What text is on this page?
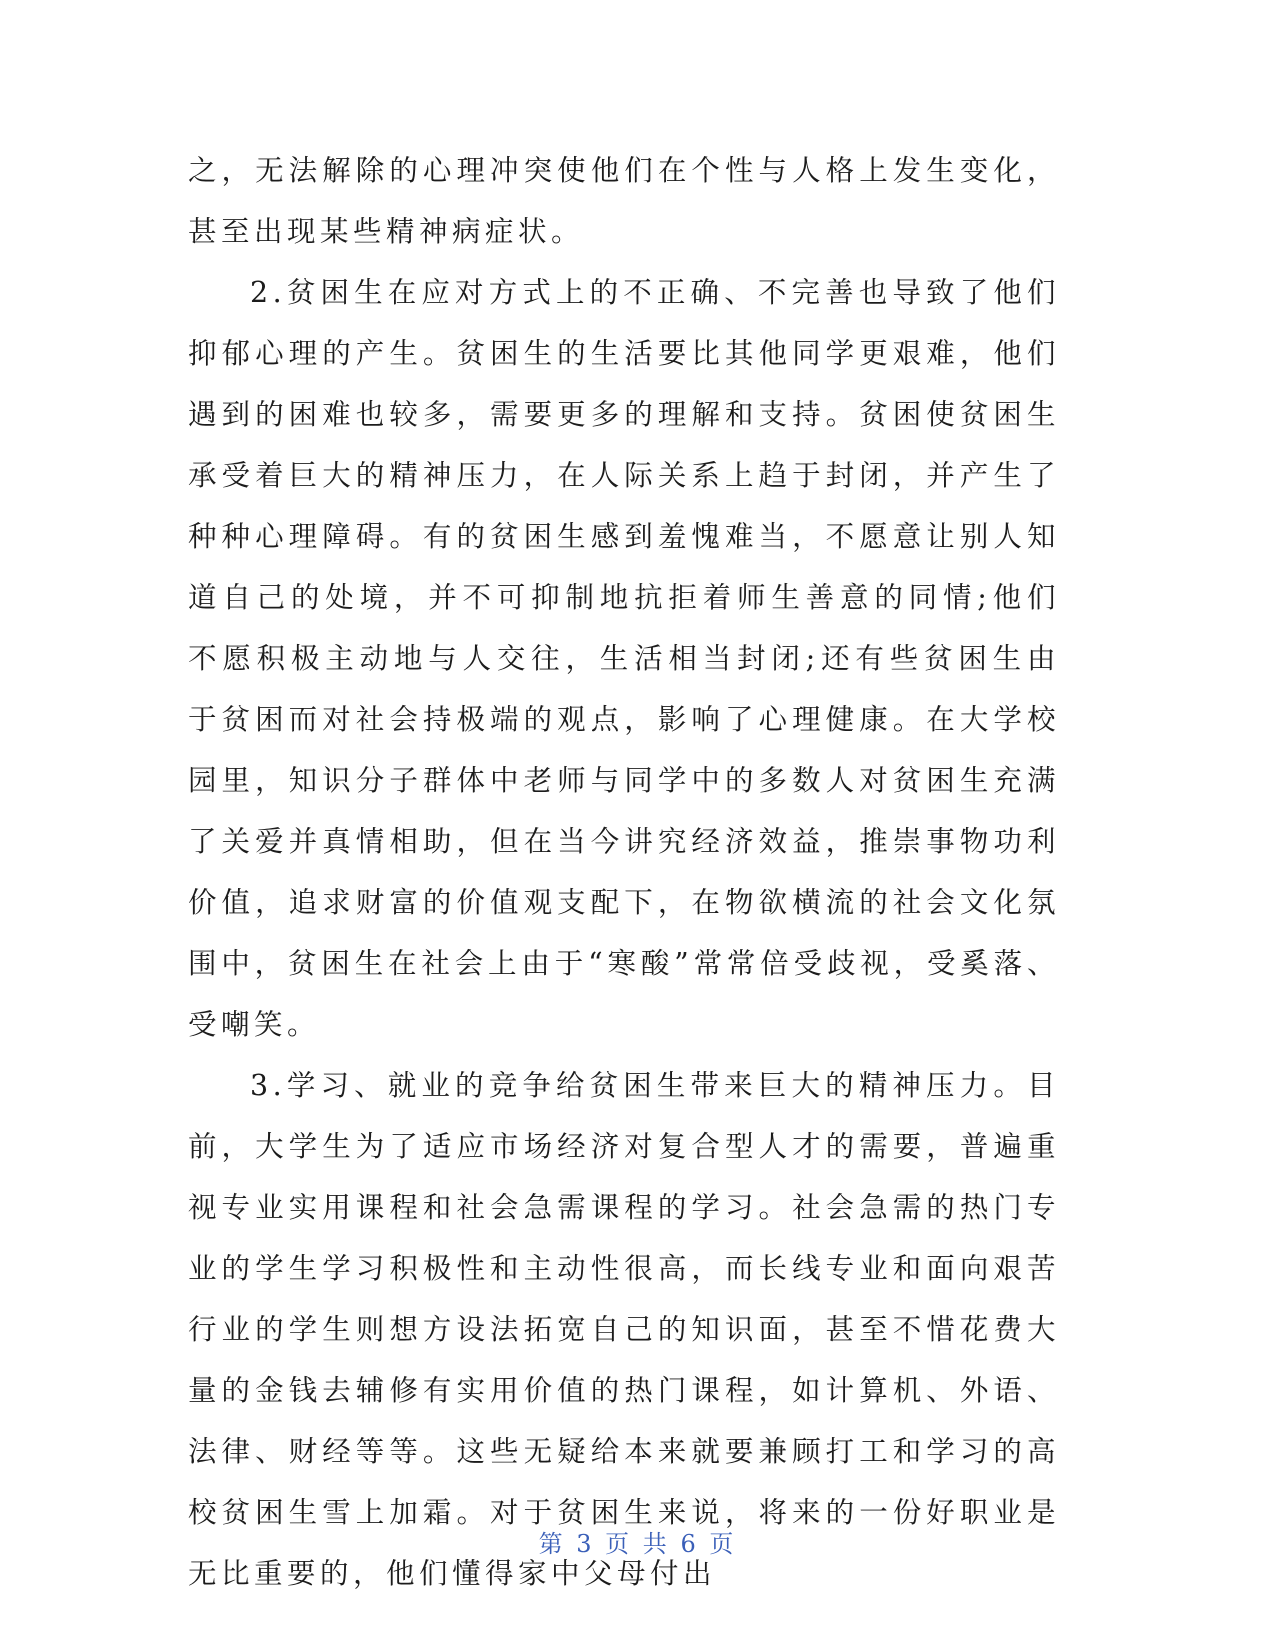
之，无法解除的心理冲突使他们在个性与人格上发生变化，甚至出现某些精神病症状。

2.贫困生在应对方式上的不正确、不完善也导致了他们抑郁心理的产生。贫困生的生活要比其他同学更艰难，他们遇到的困难也较多，需要更多的理解和支持。贫困使贫困生承受着巨大的精神压力，在人际关系上趋于封闭，并产生了种种心理障碍。有的贫困生感到羞愧难当，不愿意让别人知道自己的处境，并不可抑制地抗拒着师生善意的同情;他们不愿积极主动地与人交往，生活相当封闭;还有些贫困生由于贫困而对社会持极端的观点，影响了心理健康。在大学校园里，知识分子群体中老师与同学中的多数人对贫困生充满了关爱并真情相助，但在当今讲究经济效益，推崇事物功利价值，追求财富的价值观支配下，在物欲横流的社会文化氛围中，贫困生在社会上由于“寒酸”常常倍受歧视，受奚落、受嘲笑。

3.学习、就业的竞争给贫困生带来巨大的精神压力。目前，大学生为了适应市场经济对复合型人才的需要，普遍重视专业实用课程和社会急需课程的学习。社会急需的热门专业的学生学习积极性和主动性很高，而长线专业和面向艰苦行业的学生则想方设法拓宽自己的知识面，甚至不惜花费大量的金钱去辅修有实用价值的热门课程，如计算机、外语、法律、财经等等。这些无疑给本来就要兼顾打工和学习的高校贫困生雪上加霜。对于贫困生来说，将来的一份好职业是无比重要的，他们懂得家中父母付出

第 3 页 共 6 页
